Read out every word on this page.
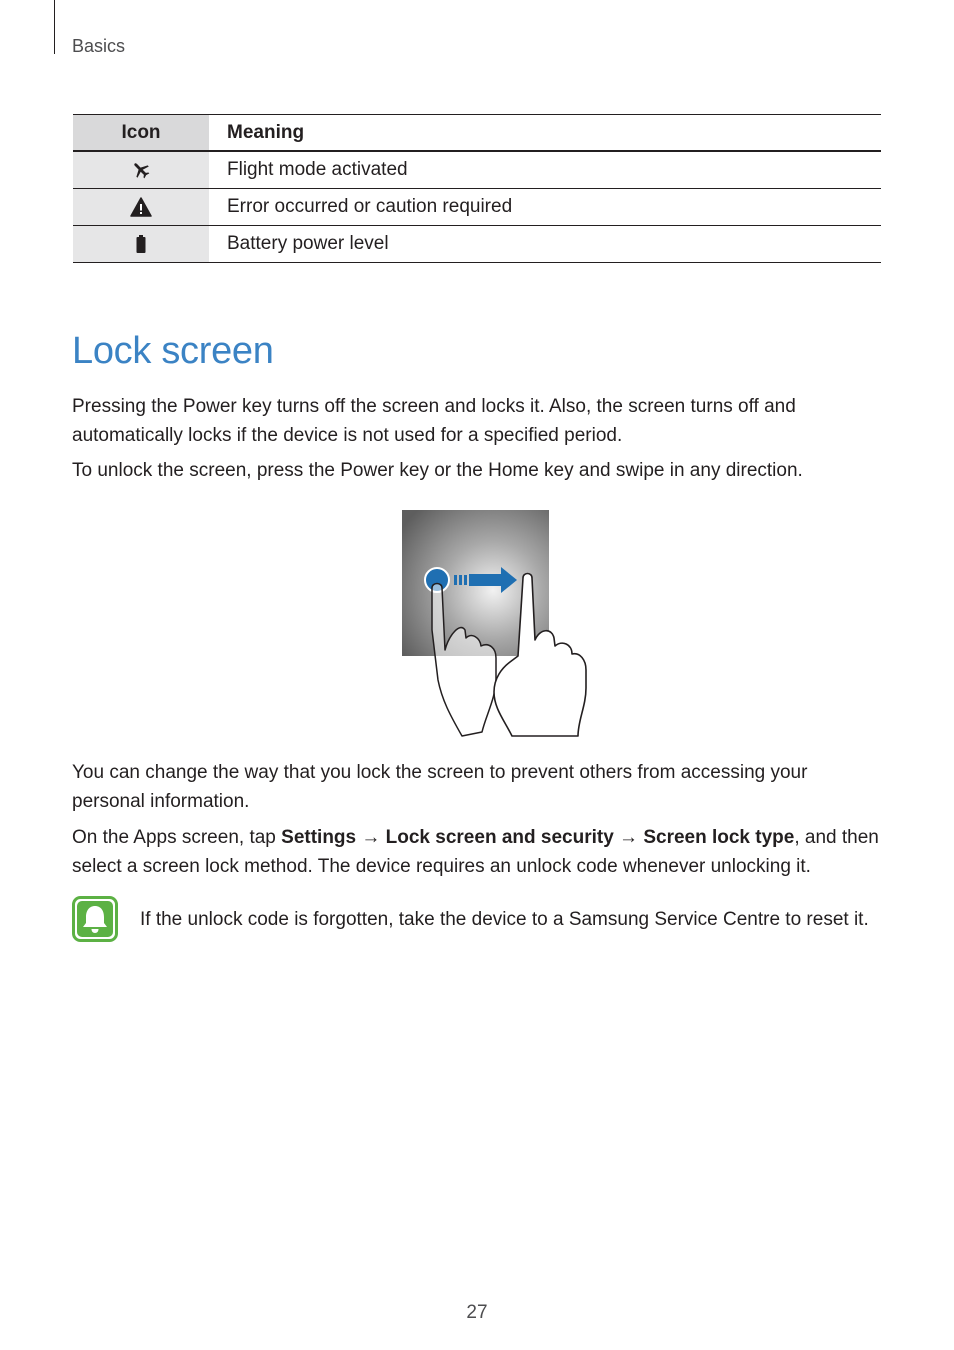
Basics
Icon	Meaning
	Flight mode activated
	Error occurred or caution required
	Battery power level
Lock screen

Pressing the Power key turns off the screen and locks it. Also, the screen turns off and automatically locks if the device is not used for a specified period.

To unlock the screen, press the Power key or the Home key and swipe in any direction.

You can change the way that you lock the screen to prevent others from accessing your personal information.

On the Apps screen, tap Settings → Lock screen and security → Screen lock type, and then select a screen lock method. The device requires an unlock code whenever unlocking it.

If the unlock code is forgotten, take the device to a Samsung Service Centre to reset it.

27
